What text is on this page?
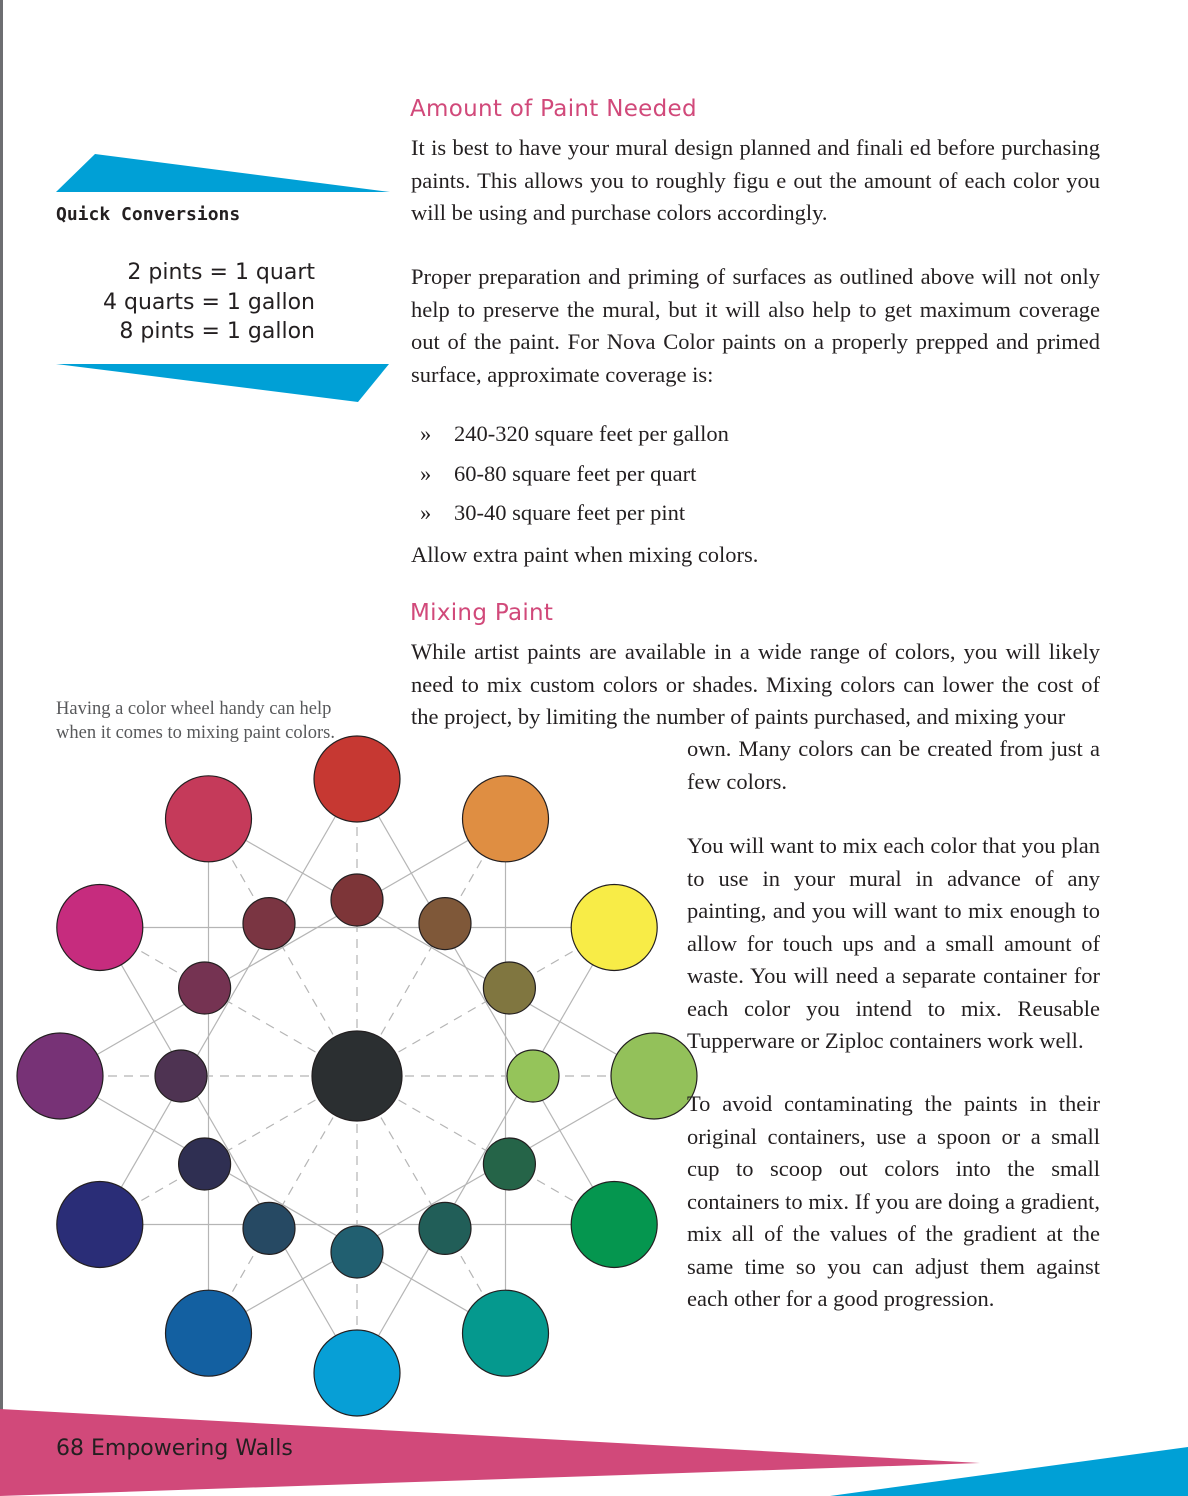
Amount of Paint Needed

It is best to have your mural design planned and finali ed before purchasing paints. This allows you to roughly figu e out the amount of each color you will be using and purchase colors accordingly.

Proper preparation and priming of surfaces as outlined above will not only help to preserve the mural, but it will also help to get maximum coverage out of the paint. For Nova Color paints on a properly prepped and primed surface, approximate coverage is:

» 240-320 square feet per gallon
» 60-80 square feet per quart
» 30-40 square feet per pint

Allow extra paint when mixing colors.

Mixing Paint

While artist paints are available in a wide range of colors, you will likely need to mix custom colors or shades. Mixing colors can lower the cost of the project, by limiting the number of paints purchased, and mixing your

own. Many colors can be created from just a few colors.

You will want to mix each color that you plan to use in your mural in advance of any painting, and you will want to mix enough to allow for touch ups and a small amount of waste. You will need a separate container for each color you intend to mix. Reusable Tupperware or Ziploc containers work well.

To avoid contaminating the paints in their original containers, use a spoon or a small cup to scoop out colors into the small containers to mix. If you are doing a gradient, mix all of the values of the gradient at the same time so you can adjust them against each other for a good progression.

Quick Conversions
2 pints = 1 quart
4 quarts = 1 gallon
8 pints = 1 gallon

Having a color wheel handy can help when it comes to mixing paint colors.

68 Empowering Walls
